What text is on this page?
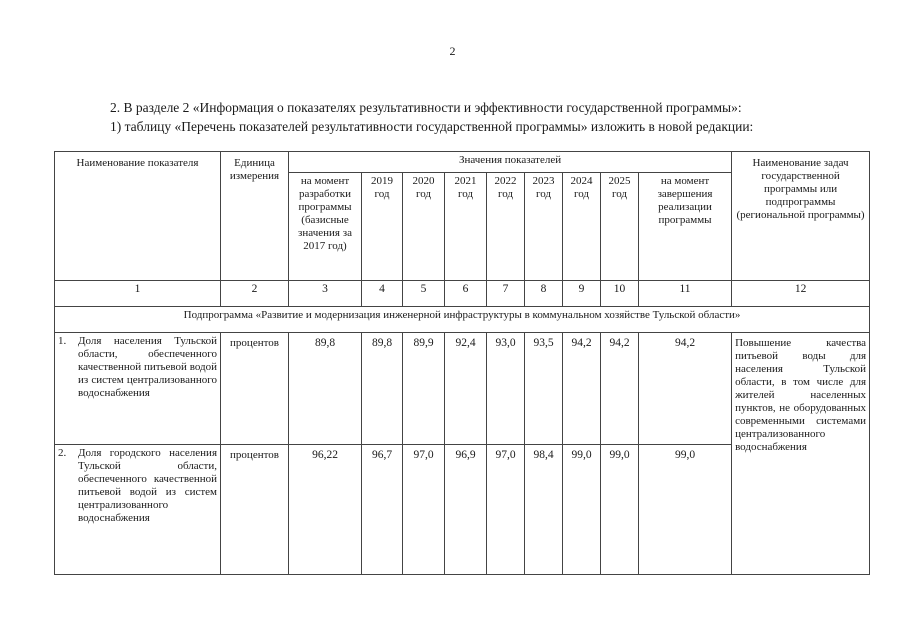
2
2. В разделе 2 «Информация о показателях результативности и эффективности государственной программы»:
1) таблицу «Перечень показателей результативности государственной программы» изложить в новой редакции:
Наименование показателя	Единица измерения	Значения показателей									Наименование задач государственной программы или подпрограммы (региональной программы)
		на момент разработки программы (базисные значения за 2017 год)	2019 год	2020 год	2021 год	2022 год	2023 год	2024 год	2025 год	на момент завершения реализации программы	
1	2	3	4	5	6	7	8	9	10	11	12
Подпрограмма «Развитие и модернизация инженерной инфраструктуры в коммунальном хозяйстве Тульской области»											

1. Доля населения Тульской области, обеспеченного качественной питьевой водой из систем централизованного водоснабжения	процентов	89,8	89,8	89,9	92,4	93,0	93,5	94,2	94,2	94,2	Повышение качества питьевой воды для населения Тульской области, в том числе для жителей населенных пунктов, не оборудованных современными системами централизованного водоснабжения

2. Доля городского населения Тульской области, обеспеченного качественной питьевой водой из систем централизованного водоснабжения	процентов	96,22	96,7	97,0	96,9	97,0	98,4	99,0	99,0	99,0	
